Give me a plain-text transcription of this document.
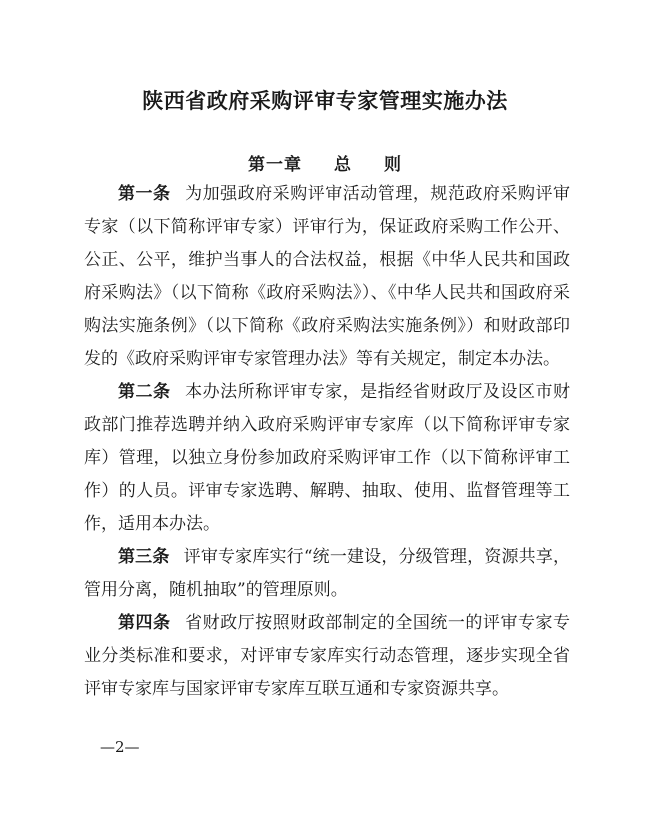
陕西省政府采购评审专家管理实施办法
第一章 总 则

第一条 为加强政府采购评审活动管理，规范政府采购评审专家（以下简称评审专家）评审行为，保证政府采购工作公开、公正、公平，维护当事人的合法权益，根据《中华人民共和国政府采购法》（以下简称《政府采购法》）、《中华人民共和国政府采购法实施条例》（以下简称《政府采购法实施条例》）和财政部印发的《政府采购评审专家管理办法》等有关规定，制定本办法。

第二条 本办法所称评审专家，是指经省财政厅及设区市财政部门推荐选聘并纳入政府采购评审专家库（以下简称评审专家库）管理，以独立身份参加政府采购评审工作（以下简称评审工作）的人员。评审专家选聘、解聘、抽取、使用、监督管理等工作，适用本办法。

第三条 评审专家库实行“统一建设，分级管理，资源共享，管用分离，随机抽取”的管理原则。

第四条 省财政厅按照财政部制定的全国统一的评审专家专业分类标准和要求，对评审专家库实行动态管理，逐步实现全省评审专家库与国家评审专家库互联互通和专家资源共享。

—2—
